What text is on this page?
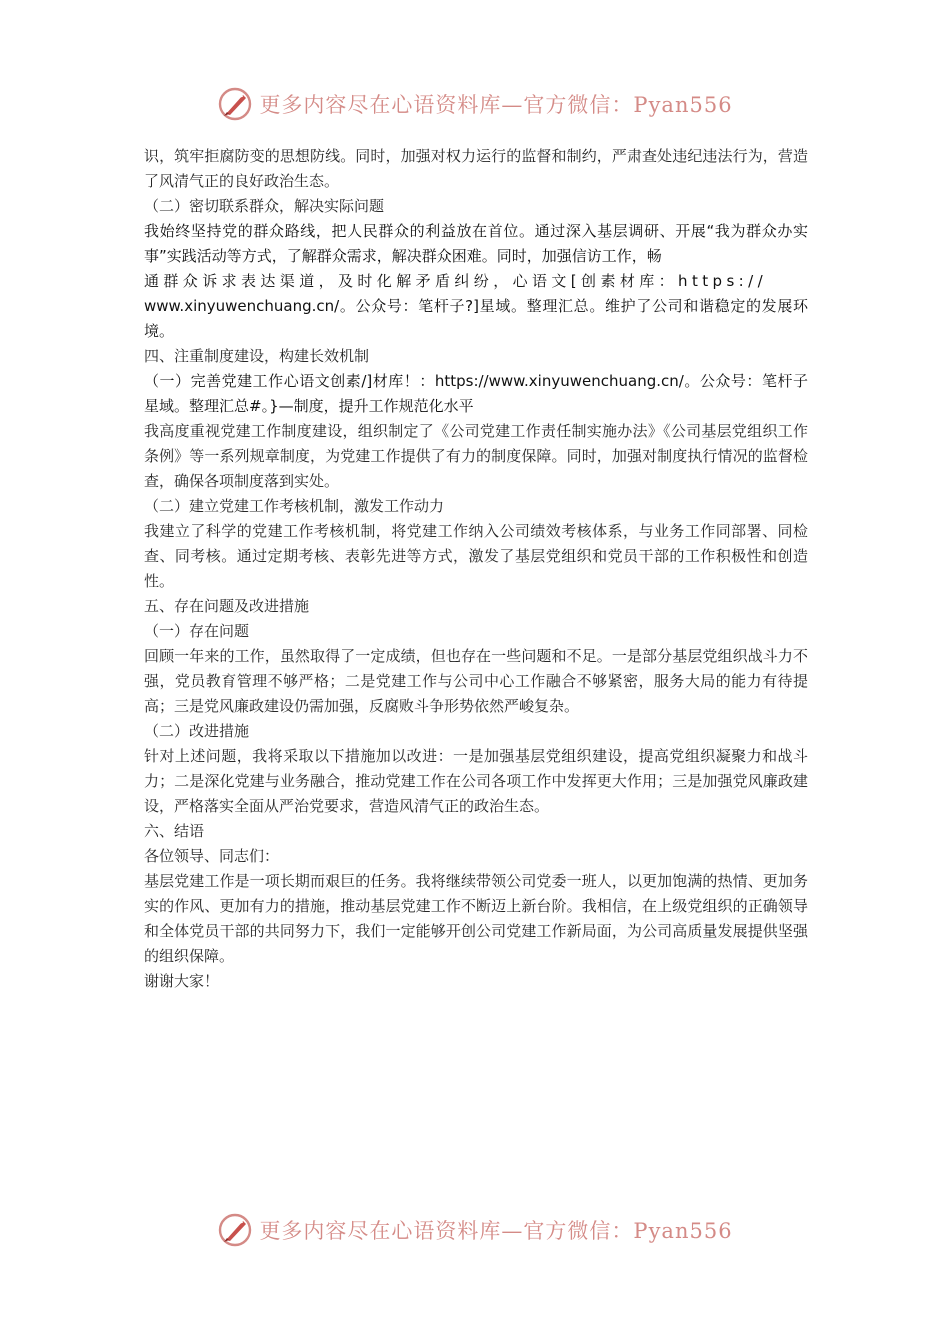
更多内容尽在心语资料库—官方微信：Pyan556

识，筑牢拒腐防变的思想防线。同时，加强对权力运行的监督和制约，严肃查处违纪违法行为，营造了风清气正的良好政治生态。

（二）密切联系群众，解决实际问题

我始终坚持党的群众路线，把人民群众的利益放在首位。通过深入基层调研、开展“我为群众办实事”实践活动等方式，了解群众需求，解决群众困难。同时，加强信访工作，畅

通群众诉求表达渠道，及时化解矛盾纠纷，心语文[创素材库：https://

www.xinyuwenchuang.cn/。公众号：笔杆子?]星域。整理汇总。维护了公司和谐稳定的发展环境。

四、注重制度建设，构建长效机制

（一）完善党建工作心语文创素/]材库！：https://www.xinyuwenchuang.cn/。公众号：笔杆子星域。整理汇总#。}—制度，提升工作规范化水平

我高度重视党建工作制度建设，组织制定了《公司党建工作责任制实施办法》《公司基层党组织工作条例》等一系列规章制度，为党建工作提供了有力的制度保障。同时，加强对制度执行情况的监督检查，确保各项制度落到实处。

（二）建立党建工作考核机制，激发工作动力

我建立了科学的党建工作考核机制，将党建工作纳入公司绩效考核体系，与业务工作同部署、同检查、同考核。通过定期考核、表彰先进等方式，激发了基层党组织和党员干部的工作积极性和创造性。

五、存在问题及改进措施

（一）存在问题

回顾一年来的工作，虽然取得了一定成绩，但也存在一些问题和不足。一是部分基层党组织战斗力不强，党员教育管理不够严格；二是党建工作与公司中心工作融合不够紧密，服务大局的能力有待提高；三是党风廉政建设仍需加强，反腐败斗争形势依然严峻复杂。

（二）改进措施

针对上述问题，我将采取以下措施加以改进：一是加强基层党组织建设，提高党组织凝聚力和战斗力；二是深化党建与业务融合，推动党建工作在公司各项工作中发挥更大作用；三是加强党风廉政建设，严格落实全面从严治党要求，营造风清气正的政治生态。

六、结语

各位领导、同志们：

基层党建工作是一项长期而艰巨的任务。我将继续带领公司党委一班人，以更加饱满的热情、更加务实的作风、更加有力的措施，推动基层党建工作不断迈上新台阶。我相信，在上级党组织的正确领导和全体党员干部的共同努力下，我们一定能够开创公司党建工作新局面，为公司高质量发展提供坚强的组织保障。

谢谢大家！

更多内容尽在心语资料库—官方微信：Pyan556
